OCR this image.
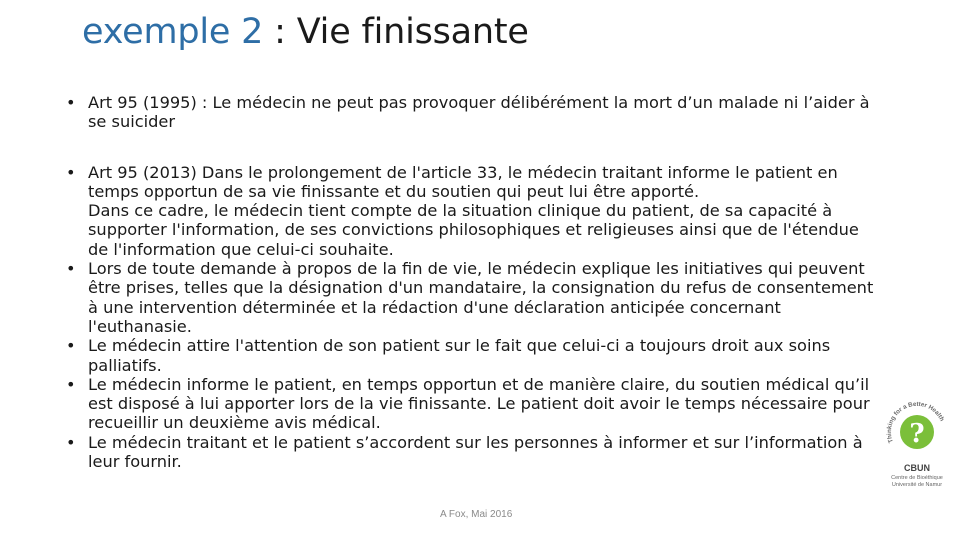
exemple 2 : Vie finissante
• Art 95 (1995) : Le médecin ne peut pas provoquer délibérément la mort d’un malade ni l’aider à se suicider
• Art 95 (2013) Dans le prolongement de l'article 33, le médecin traitant informe le patient en temps opportun de sa vie finissante et du soutien qui peut lui être apporté.
Dans ce cadre, le médecin tient compte de la situation clinique du patient, de sa capacité à supporter l'information, de ses convictions philosophiques et religieuses ainsi que de l'étendue de l'information que celui-ci souhaite.
• Lors de toute demande à propos de la fin de vie, le médecin explique les initiatives qui peuvent être prises, telles que la désignation d'un mandataire, la consignation du refus de consentement à une intervention déterminée et la rédaction d'une déclaration anticipée concernant l'euthanasie.
• Le médecin attire l'attention de son patient sur le fait que celui-ci a toujours droit aux soins palliatifs.
• Le médecin informe le patient, en temps opportun et de manière claire, du soutien médical qu’il est disposé à lui apporter lors de la vie finissante. Le patient doit avoir le temps nécessaire pour recueillir un deuxième avis médical.
• Le médecin traitant et le patient s’accordent sur les personnes à informer et sur l’information à leur fournir.
A Fox, Mai 2016
Thinking for a Better Health
?
CBUN
Centre de Bioéthique
Université de Namur
